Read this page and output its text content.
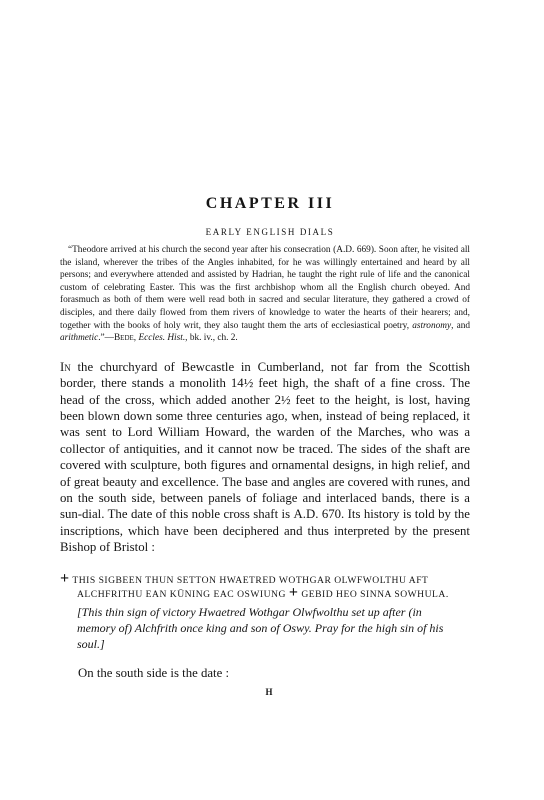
CHAPTER III
EARLY ENGLISH DIALS

“Theodore arrived at his church the second year after his consecration (A.D. 669). Soon after, he visited all the island, wherever the tribes of the Angles inhabited, for he was willingly entertained and heard by all persons; and everywhere attended and assisted by Hadrian, he taught the right rule of life and the canonical custom of celebrating Easter. This was the first archbishop whom all the English church obeyed. And forasmuch as both of them were well read both in sacred and secular literature, they gathered a crowd of disciples, and there daily flowed from them rivers of knowledge to water the hearts of their hearers; and, together with the books of holy writ, they also taught them the arts of ecclesiastical poetry, astronomy, and arithmetic.”—Bede, Eccles. Hist., bk. iv., ch. 2.

In the churchyard of Bewcastle in Cumberland, not far from the Scottish border, there stands a monolith 14½ feet high, the shaft of a fine cross. The head of the cross, which added another 2½ feet to the height, is lost, having been blown down some three centuries ago, when, instead of being replaced, it was sent to Lord William Howard, the warden of the Marches, who was a collector of antiquities, and it cannot now be traced. The sides of the shaft are covered with sculpture, both figures and ornamental designs, in high relief, and of great beauty and excellence. The base and angles are covered with runes, and on the south side, between panels of foliage and interlaced bands, there is a sun-dial. The date of this noble cross shaft is A.D. 670. Its history is told by the inscriptions, which have been deciphered and thus interpreted by the present Bishop of Bristol :

+ THIS SIGBEEN THUN SETTON HWAETRED WOTHGAR OLWFWOLTHU AFT
ALCHFRITHU EAN KŪNING EAC OSWIUNG + GEBID HEO SINNA SOWHULA.

[This thin sign of victory Hwaetred Wothgar Olwfwolthu set up after (in memory of) Alchfrith once king and son of Oswy. Pray for the high sin of his soul.]

On the south side is the date :

H
